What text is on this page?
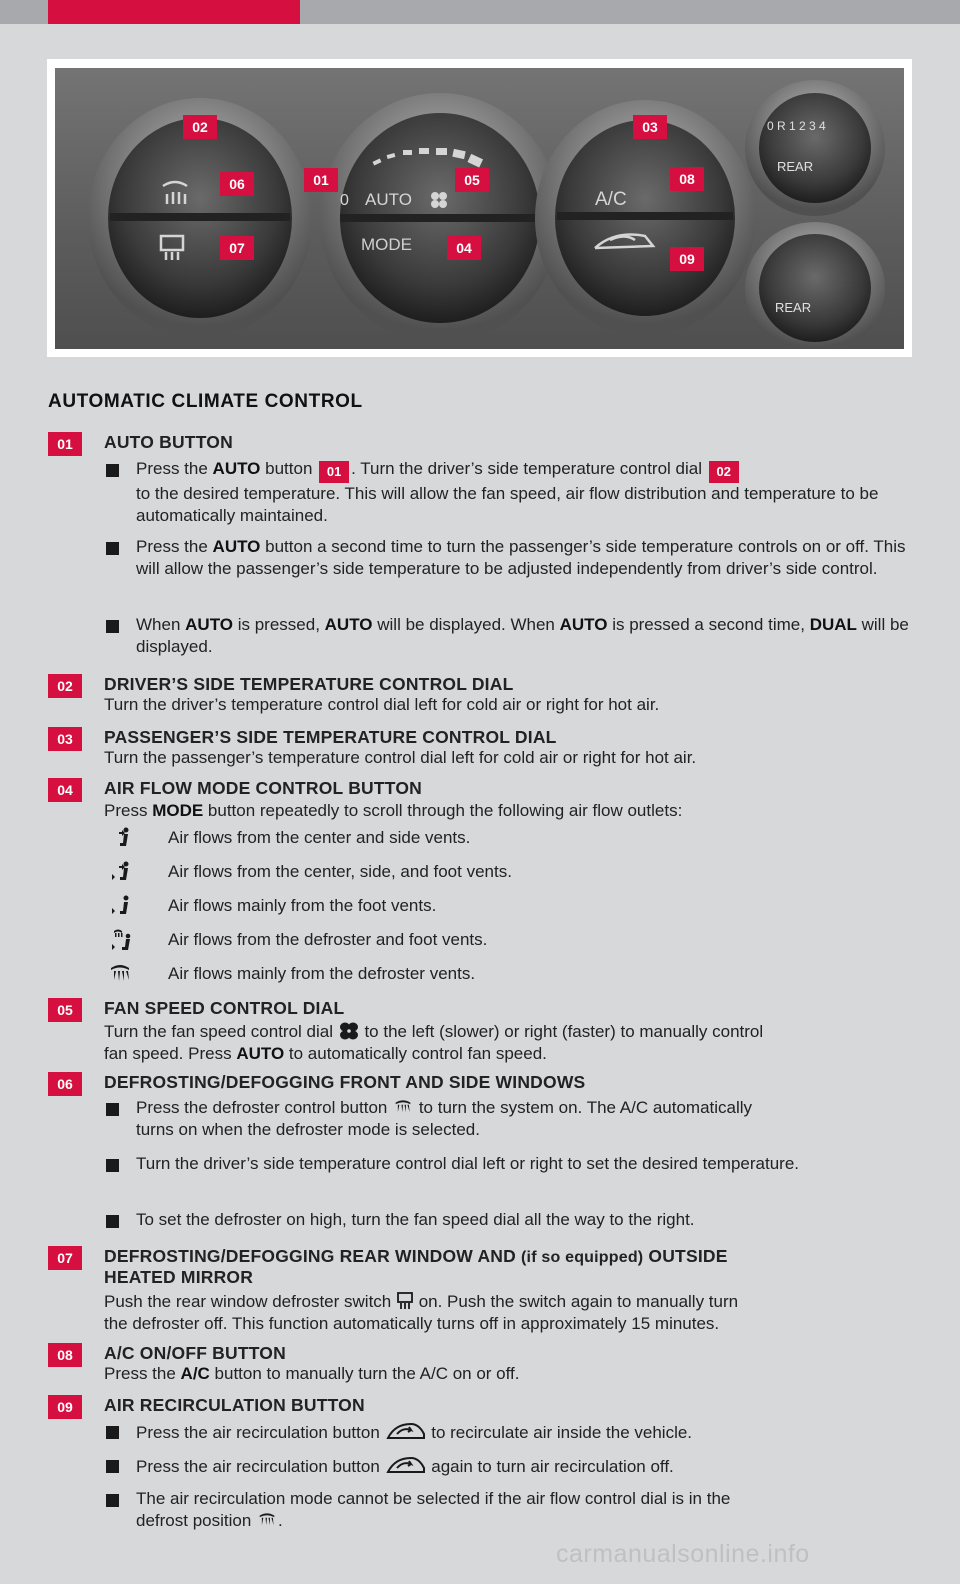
0 AUTO
MODE
A/C
0 R 1 2 3 4
REAR
REAR
02
06
07
01	05
04
03
08
09
AUTOMATIC CLIMATE CONTROL
01	AUTO BUTTON
Press the AUTO button 01 . Turn the driver’s side temperature control dial 02
to the desired temperature. This will allow the fan speed, air flow distribution and temperature to be automatically maintained.
Press the AUTO button a second time to turn the passenger’s side temperature controls on or off. This will allow the passenger’s side temperature to be adjusted independently from driver’s side control.
When AUTO is pressed, AUTO will be displayed. When AUTO is pressed a second time, DUAL will be displayed.
02	DRIVER’S SIDE TEMPERATURE CONTROL DIAL
Turn the driver’s temperature control dial left for cold air or right for hot air.
03	PASSENGER’S SIDE TEMPERATURE CONTROL DIAL
Turn the passenger’s temperature control dial left for cold air or right for hot air.
04	AIR FLOW MODE CONTROL BUTTON
Press MODE button repeatedly to scroll through the following air flow outlets:
Air flows from the center and side vents.
Air flows from the center, side, and foot vents.
Air flows mainly from the foot vents.
Air flows from the defroster and foot vents.
Air flows mainly from the defroster vents.
05	FAN SPEED CONTROL DIAL
Turn the fan speed control dial  to the left (slower) or right (faster) to manually control
fan speed. Press AUTO to automatically control fan speed.
06	DEFROSTING/DEFOGGING FRONT AND SIDE WINDOWS
Press the defroster control button  to turn the system on. The A/C automatically
turns on when the defroster mode is selected.
Turn the driver’s side temperature control dial left or right to set the desired temperature.
To set the defroster on high, turn the fan speed dial all the way to the right.
07	DEFROSTING/DEFOGGING REAR WINDOW AND (if so equipped) OUTSIDE
HEATED MIRROR
Push the rear window defroster switch  on. Push the switch again to manually turn
the defroster off. This function automatically turns off in approximately 15 minutes.
08	A/C ON/OFF BUTTON
Press the A/C button to manually turn the A/C on or off.
09	AIR RECIRCULATION BUTTON
Press the air recirculation button  to recirculate air inside the vehicle.
Press the air recirculation button  again to turn air recirculation off.
The air recirculation mode cannot be selected if the air flow control dial is in the
defrost position .
carmanualsonline.info
